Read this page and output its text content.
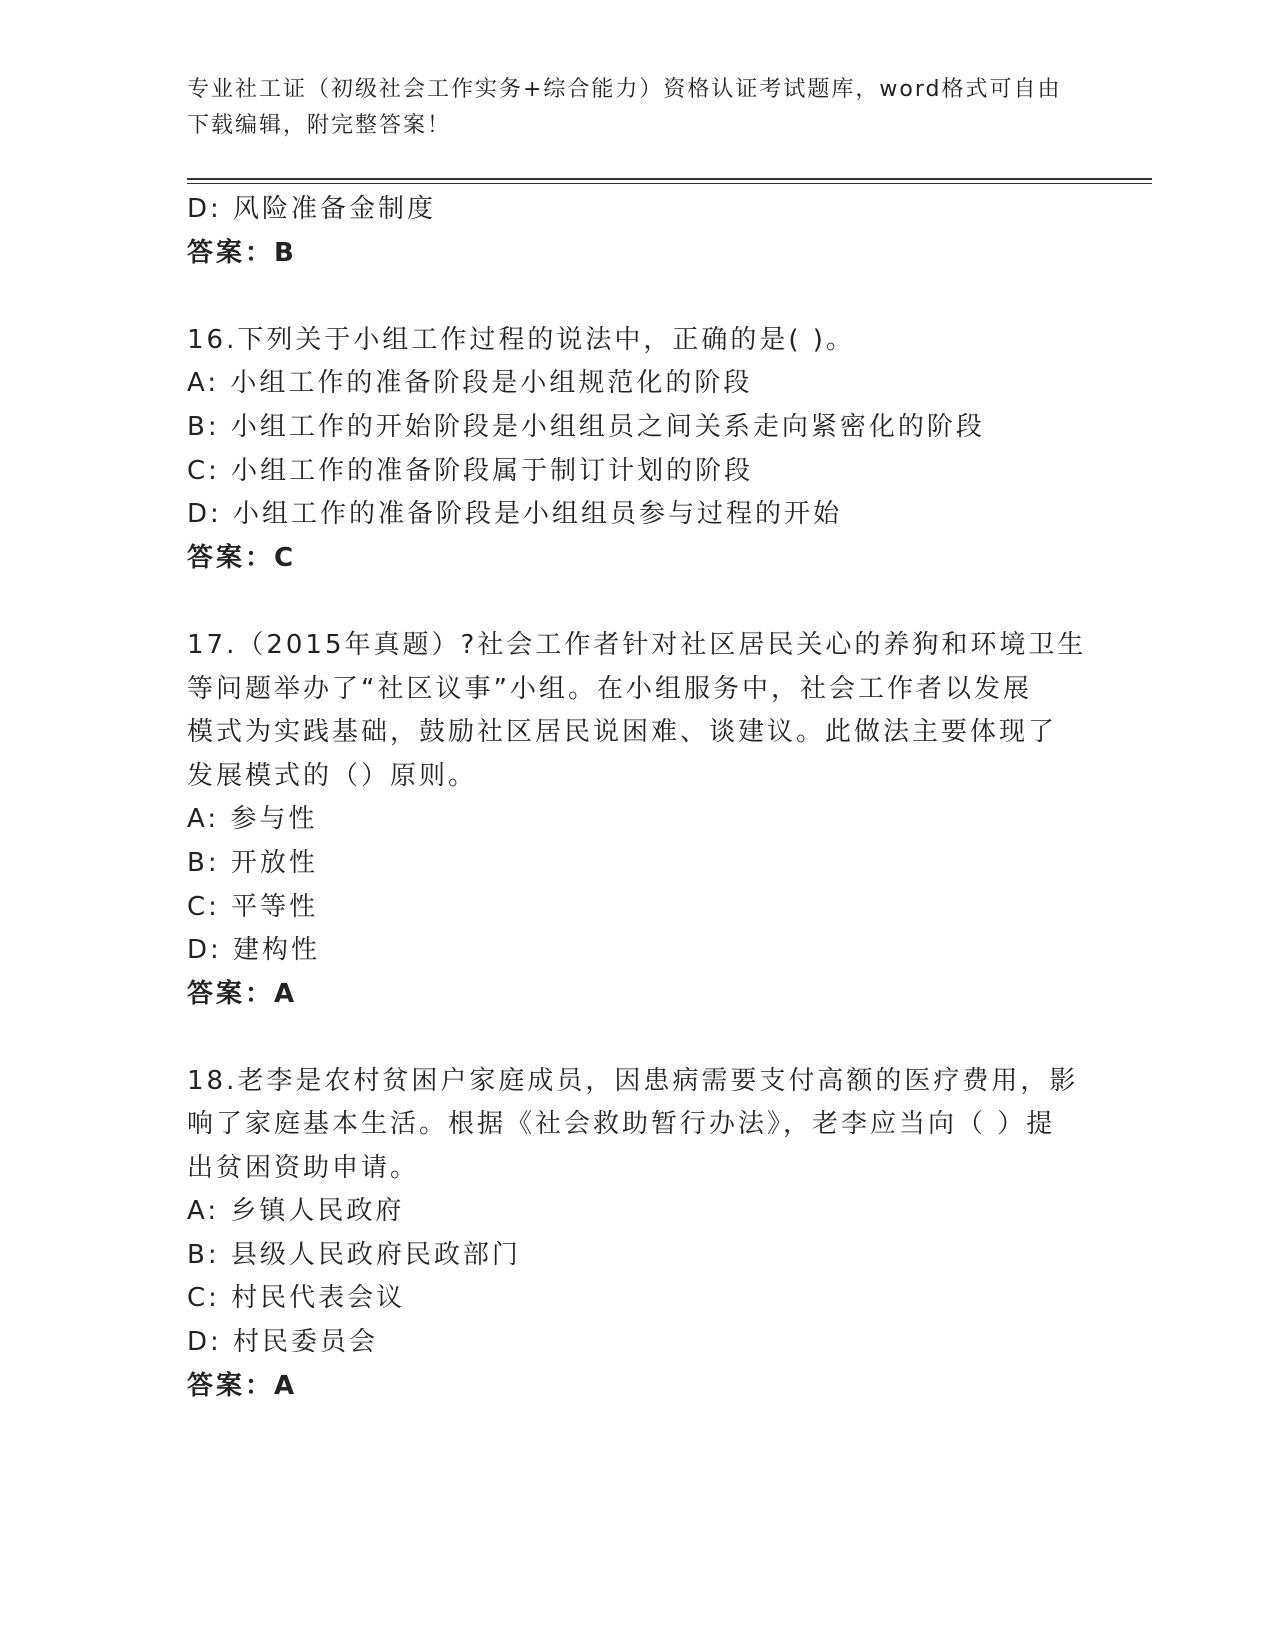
专业社工证（初级社会工作实务+综合能力）资格认证考试题库，word格式可自由
下载编辑，附完整答案！
D: 风险准备金制度
答案：B
16.下列关于小组工作过程的说法中，正确的是( )。
A: 小组工作的准备阶段是小组规范化的阶段
B: 小组工作的开始阶段是小组组员之间关系走向紧密化的阶段
C: 小组工作的准备阶段属于制订计划的阶段
D: 小组工作的准备阶段是小组组员参与过程的开始
答案：C
17.（2015年真题）?社会工作者针对社区居民关心的养狗和环境卫生
等问题举办了“社区议事”小组。在小组服务中，社会工作者以发展
模式为实践基础，鼓励社区居民说困难、谈建议。此做法主要体现了
发展模式的（）原则。
A: 参与性
B: 开放性
C: 平等性
D: 建构性
答案：A
18.老李是农村贫困户家庭成员，因患病需要支付高额的医疗费用，影
响了家庭基本生活。根据《社会救助暂行办法》，老李应当向（ ）提
出贫困资助申请。
A: 乡镇人民政府
B: 县级人民政府民政部门
C: 村民代表会议
D: 村民委员会
答案：A
